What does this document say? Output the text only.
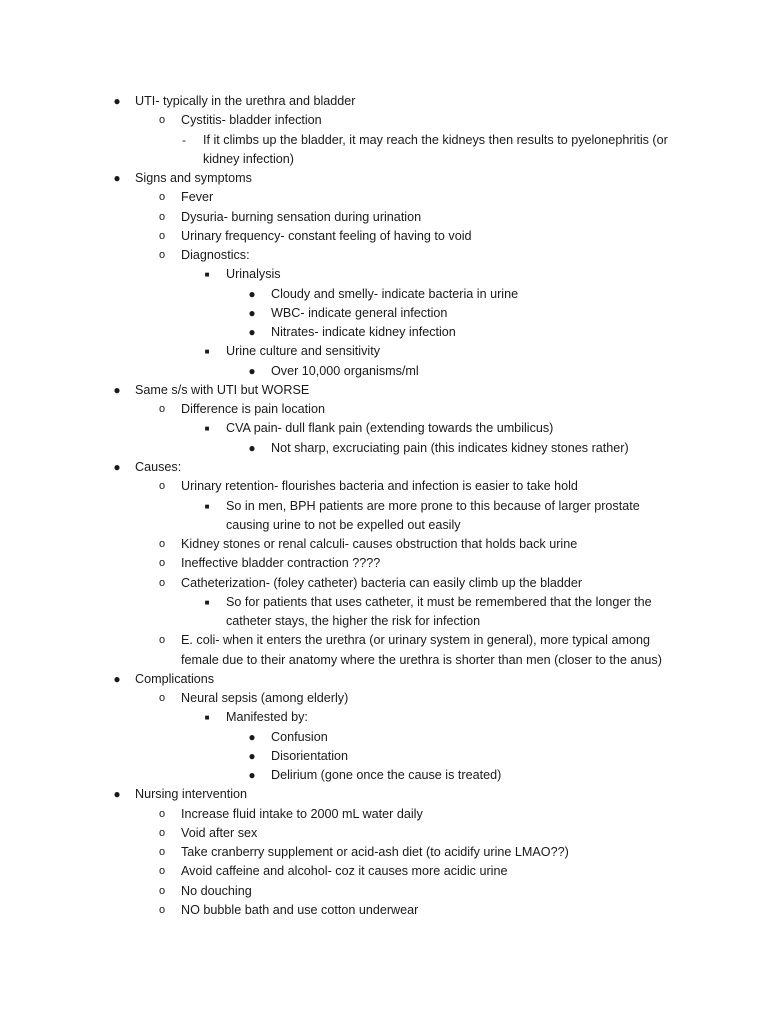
● UTI- typically in the urethra and bladder
o Cystitis- bladder infection
-	If it climbs up the bladder, it may reach the kidneys then results to pyelonephritis (or
kidney infection)
● Signs and symptoms
o Fever
o Dysuria- burning sensation during urination
o Urinary frequency- constant feeling of having to void
o Diagnostics:
■ Urinalysis
● Cloudy and smelly- indicate bacteria in urine
● WBC- indicate general infection
● Nitrates- indicate kidney infection
■ Urine culture and sensitivity
● Over 10,000 organisms/ml
● Same s/s with UTI but WORSE
o Difference is pain location
■ CVA pain- dull flank pain (extending towards the umbilicus)
● Not sharp, excruciating pain (this indicates kidney stones rather)
● Causes:
o Urinary retention- flourishes bacteria and infection is easier to take hold
■ So in men, BPH patients are more prone to this because of larger prostate
causing urine to not be expelled out easily
o Kidney stones or renal calculi- causes obstruction that holds back urine
o Ineffective bladder contraction ????
o Catheterization- (foley catheter) bacteria can easily climb up the bladder
■ So for patients that uses catheter, it must be remembered that the longer the
catheter stays, the higher the risk for infection
o E. coli- when it enters the urethra (or urinary system in general), more typical among
female due to their anatomy where the urethra is shorter than men (closer to the anus)
● Complications
o Neural sepsis (among elderly)
■ Manifested by:
● Confusion
● Disorientation
● Delirium (gone once the cause is treated)
● Nursing intervention
o Increase fluid intake to 2000 mL water daily
o Void after sex
o Take cranberry supplement or acid-ash diet (to acidify urine LMAO??)
o Avoid caffeine and alcohol- coz it causes more acidic urine
o No douching
o NO bubble bath and use cotton underwear
